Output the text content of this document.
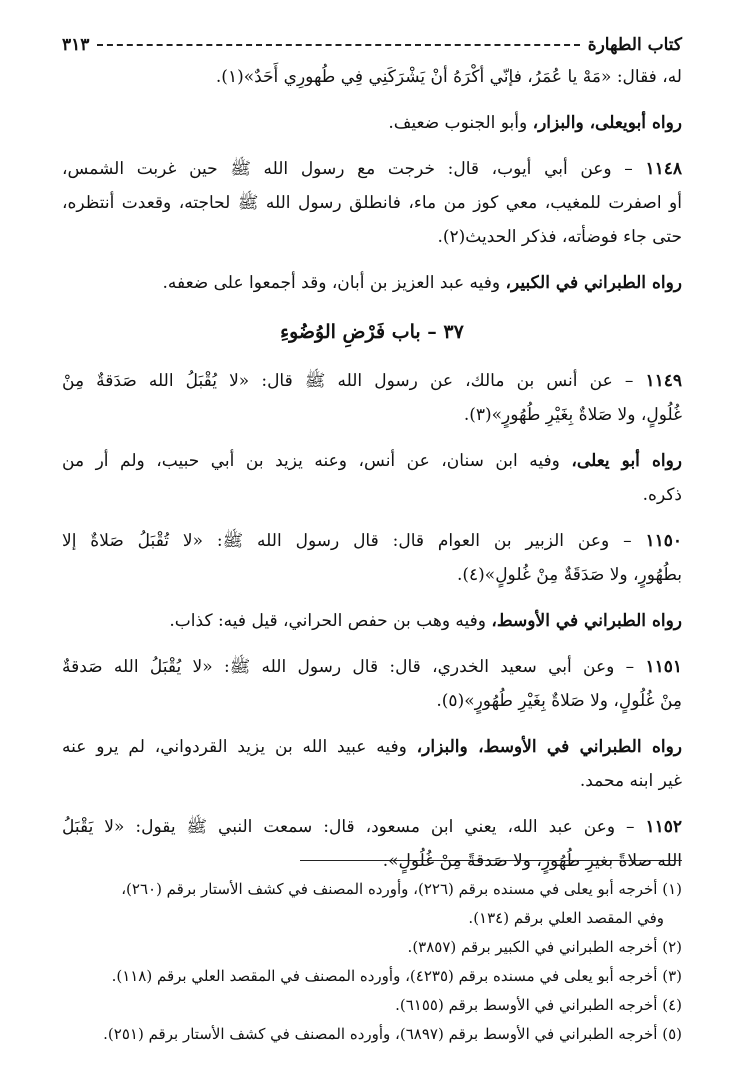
كتاب الطهارة
٣١٣
له، فقال: «مَهْ يا عُمَرُ، فإنّي أكْرَهُ أنْ يَشْرَكَنِي فِي طُهورِي أَحَدٌ»(١).
رواه أبويعلى، والبزار، وأبو الجنوب ضعيف.
١١٤٨ – وعن أبي أيوب، قال: خرجت مع رسول الله ﷺ حين غربت الشمس،
أو اصفرت للمغيب، معي كوز من ماء، فانطلق رسول الله ﷺ لحاجته، وقعدت أنتظره،
حتى جاء فوضأته، فذكر الحديث(٢).
رواه الطبراني في الكبير، وفيه عبد العزيز بن أبان، وقد أجمعوا على ضعفه.
٣٧ – باب فَرْضِ الوُضُوءِ
١١٤٩ – عن أنس بن مالك، عن رسول الله ﷺ قال: «لا يُقْبَلُ الله صَدَقةٌ مِنْ
غُلُولٍ، ولا صَلاةٌ بِغَيْرِ طُهُورٍ»(٣).
رواه أبو يعلى، وفيه ابن سنان، عن أنس، وعنه يزيد بن أبي حبيب، ولم أر من
ذكره.
١١٥٠ – وعن الزبير بن العوام قال: قال رسول الله ﷺ: «لا تُقْبَلُ صَلاةٌ إلا
بطُهُورٍ، ولا صَدَقَةٌ مِنْ غُلولٍ»(٤).
رواه الطبراني في الأوسط، وفيه وهب بن حفص الحراني، قيل فيه: كذاب.
١١٥١ – وعن أبي سعيد الخدري، قال: قال رسول الله ﷺ: «لا يُقْبَلُ الله صَدقةٌ
مِنْ غُلُولٍ، ولا صَلاةٌ بِغَيْرِ طُهُورٍ»(٥).
رواه الطبراني في الأوسط، والبزار، وفيه عبيد الله بن يزيد القردواني، لم يرو عنه
غير ابنه محمد.
١١٥٢ – وعن عبد الله، يعني ابن مسعود، قال: سمعت النبي ﷺ يقول: «لا يَقْبَلُ
الله صلاةً بغيرِ طُهُورٍ، ولا صَدقةً مِنْ غُلُولٍ».
(١) أخرجه أبو يعلى في مسنده برقم (٢٢٦)، وأورده المصنف في كشف الأستار برقم (٢٦٠)،
وفي المقصد العلي برقم (١٣٤).
(٢) أخرجه الطبراني في الكبير برقم (٣٨٥٧).
(٣) أخرجه أبو يعلى في مسنده برقم (٤٢٣٥)، وأورده المصنف في المقصد العلي برقم (١١٨).
(٤) أخرجه الطبراني في الأوسط برقم (٦١٥٥).
(٥) أخرجه الطبراني في الأوسط برقم (٦٨٩٧)، وأورده المصنف في كشف الأستار برقم (٢٥١).
